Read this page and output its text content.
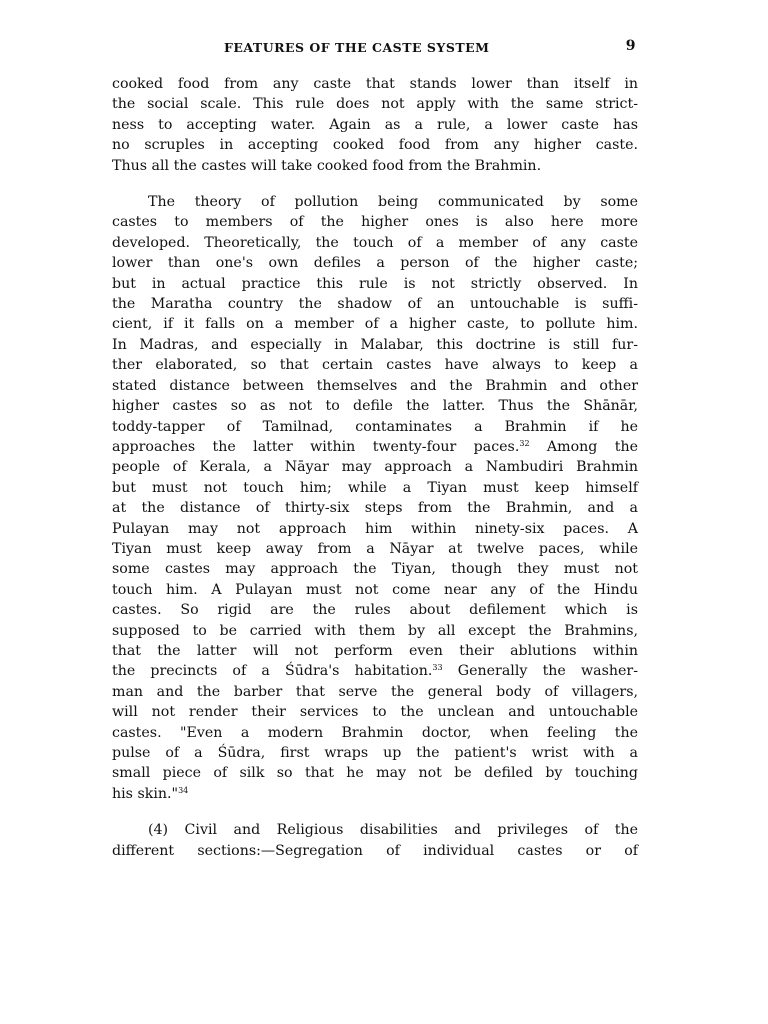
FEATURES OF THE CASTE SYSTEM	9

cooked food from any caste that stands lower than itself in
the social scale. This rule does not apply with the same strict-
ness to accepting water. Again as a rule, a lower caste has
no scruples in accepting cooked food from any higher caste.
Thus all the castes will take cooked food from the Brahmin.

The theory of pollution being communicated by some
castes to members of the higher ones is also here more
developed. Theoretically, the touch of a member of any caste
lower than one's own defiles a person of the higher caste;
but in actual practice this rule is not strictly observed. In
the Maratha country the shadow of an untouchable is suffi-
cient, if it falls on a member of a higher caste, to pollute him.
In Madras, and especially in Malabar, this doctrine is still fur-
ther elaborated, so that certain castes have always to keep a
stated distance between themselves and the Brahmin and other
higher castes so as not to defile the latter. Thus the Shānār,
toddy-tapper of Tamilnad, contaminates a Brahmin if he
approaches the latter within twenty-four paces.$^{32}$ Among the
people of Kerala, a Nāyar may approach a Nambudiri Brahmin
but must not touch him; while a Tiyan must keep himself
at the distance of thirty-six steps from the Brahmin, and a
Pulayan may not approach him within ninety-six paces. A
Tiyan must keep away from a Nāyar at twelve paces, while
some castes may approach the Tiyan, though they must not
touch him. A Pulayan must not come near any of the Hindu
castes. So rigid are the rules about defilement which is
supposed to be carried with them by all except the Brahmins,
that the latter will not perform even their ablutions within
the precincts of a Śūdra's habitation.$^{33}$ Generally the washer-
man and the barber that serve the general body of villagers,
will not render their services to the unclean and untouchable
castes. "Even a modern Brahmin doctor, when feeling the
pulse of a Śūdra, first wraps up the patient's wrist with a
small piece of silk so that he may not be defiled by touching
his skin."$^{34}$

(4) Civil and Religious disabilities and privileges of the
different sections:—Segregation of individual castes or of
